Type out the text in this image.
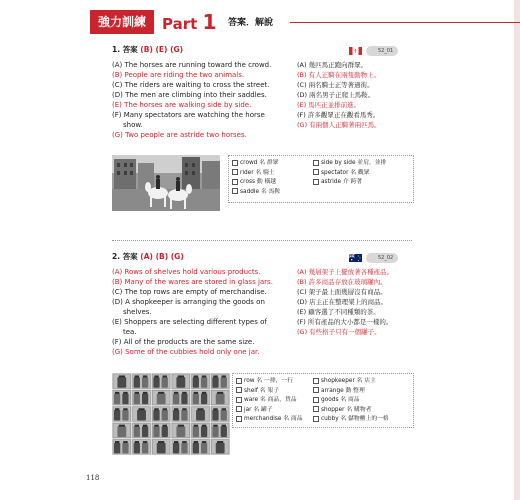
強力訓練	Part 1 答案．解說
1. 答案 (B) (E) (G)	52_01
(A) The horses are running toward the crowd.
(B) People are riding the two animals.
(C) The riders are waiting to cross the street.
(D) The men are climbing into their saddles.
(E) The horses are walking side by side.
(F) Many spectators are watching the horse
show.
(G) Two people are astride two horses.
(A) 幾匹馬正跑向群眾。
(B) 有人正騎在兩隻動物上。
(C) 兩名騎士正等著過街。
(D) 兩名男子正爬上馬鞍。
(E) 馬匹正並排前進。
(F) 許多觀眾正在觀看馬秀。
(G) 有兩個人正騎著兩匹馬。
crowd 名 群眾
rider 名 騎士
cross 動 橫越
saddle 名 馬鞍
side by side 並肩，並排
spectator 名 觀眾
astride 介 跨著
2. 答案 (A) (B) (G)	52_02
(A) Rows of shelves hold various products.
(B) Many of the wares are stored in glass jars.
(C) The top rows are empty of merchandise.
(D) A shopkeeper is arranging the goods on
shelves.
(E) Shoppers are selecting different types of
tea.
(F) All of the products are the same size.
(G) Some of the cubbies hold only one jar.
(A) 幾層架子上擺放著各種產品。
(B) 許多商品存放在玻璃罐內。
(C) 架子最上面幾層沒有商品。
(D) 店主正在整理架上的商品。
(E) 顧客選了不同種類的茶。
(F) 所有產品的大小都是一樣的。
(G) 有些格子只有一個罐子。
row 名 一排，一行
shelf 名 架子
ware 名 商品，貨品
jar 名 罐子
merchandise 名 商品
shopkeeper 名 店主
arrange 動 整理
goods 名 商品
shopper 名 購物者
cubby 名 儲物櫃上的一格
118
